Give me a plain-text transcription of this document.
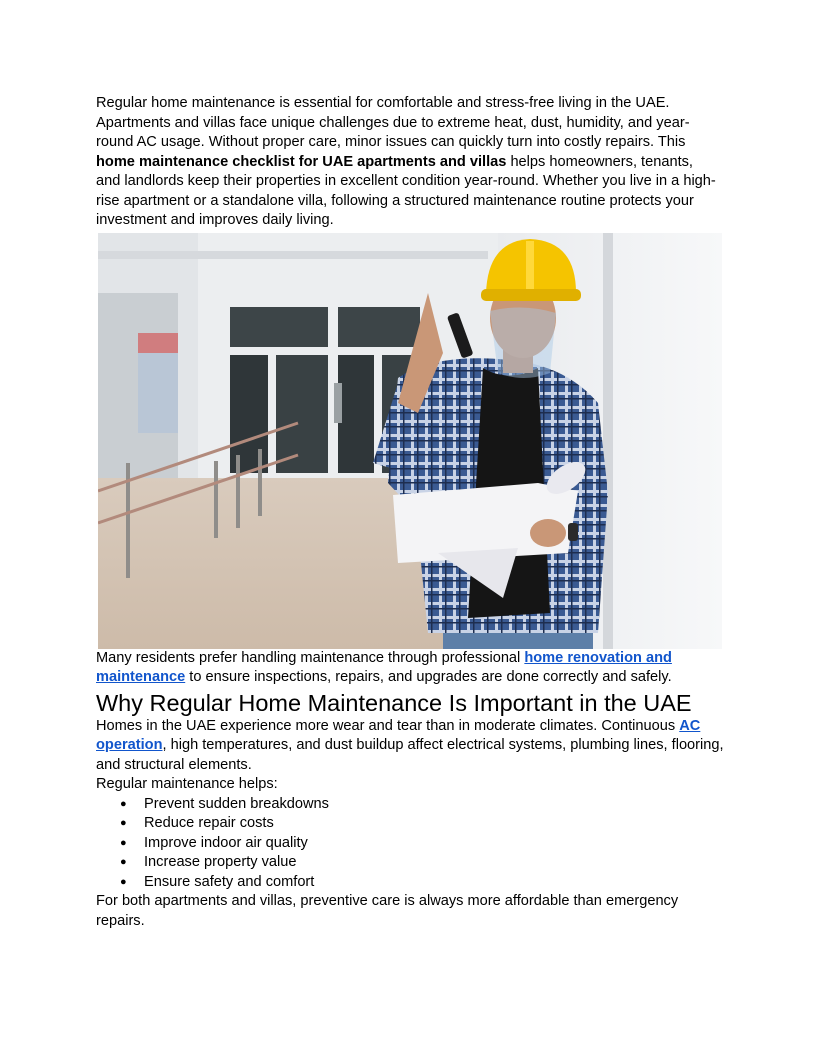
Regular home maintenance is essential for comfortable and stress-free living in the UAE. Apartments and villas face unique challenges due to extreme heat, dust, humidity, and year-round AC usage. Without proper care, minor issues can quickly turn into costly repairs. This home maintenance checklist for UAE apartments and villas helps homeowners, tenants, and landlords keep their properties in excellent condition year-round. Whether you live in a high-rise apartment or a standalone villa, following a structured maintenance routine protects your investment and improves daily living.

Many residents prefer handling maintenance through professional home renovation and maintenance to ensure inspections, repairs, and upgrades are done correctly and safely.

Why Regular Home Maintenance Is Important in the UAE

Homes in the UAE experience more wear and tear than in moderate climates. Continuous AC operation, high temperatures, and dust buildup affect electrical systems, plumbing lines, flooring, and structural elements.

Regular maintenance helps:

● Prevent sudden breakdowns
● Reduce repair costs
● Improve indoor air quality
● Increase property value
● Ensure safety and comfort

For both apartments and villas, preventive care is always more affordable than emergency repairs.
